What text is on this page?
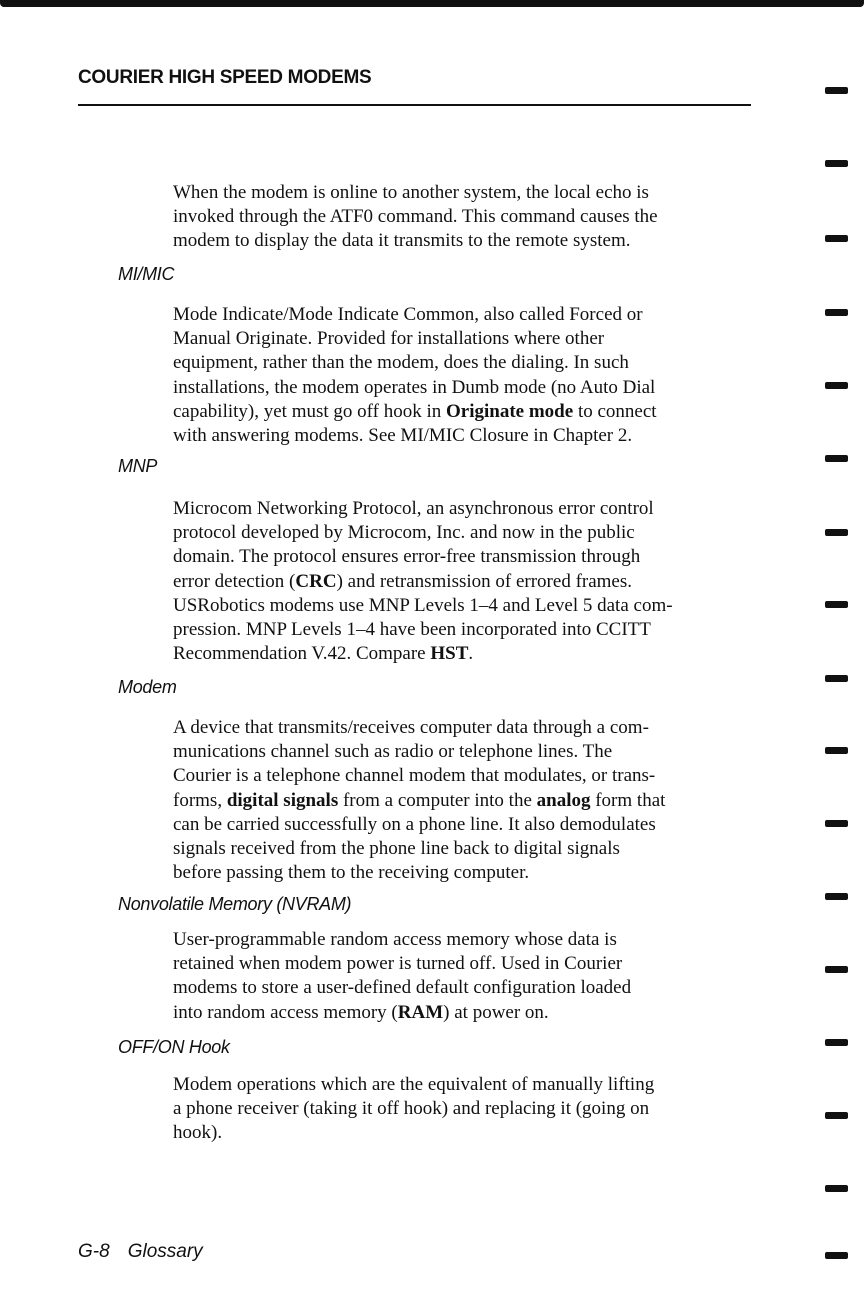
COURIER HIGH SPEED MODEMS
When the modem is online to another system, the local echo is
invoked through the ATF0 command. This command causes the
modem to display the data it transmits to the remote system.
MI/MIC
Mode Indicate/Mode Indicate Common, also called Forced or
Manual Originate. Provided for installations where other
equipment, rather than the modem, does the dialing. In such
installations, the modem operates in Dumb mode (no Auto Dial
capability), yet must go off hook in Originate mode to connect
with answering modems. See MI/MIC Closure in Chapter 2.
MNP
Microcom Networking Protocol, an asynchronous error control
protocol developed by Microcom, Inc. and now in the public
domain. The protocol ensures error-free transmission through
error detection (CRC) and retransmission of errored frames.
USRobotics modems use MNP Levels 1–4 and Level 5 data com-
pression. MNP Levels 1–4 have been incorporated into CCITT
Recommendation V.42. Compare HST.
Modem
A device that transmits/receives computer data through a com-
munications channel such as radio or telephone lines. The
Courier is a telephone channel modem that modulates, or trans-
forms, digital signals from a computer into the analog form that
can be carried successfully on a phone line. It also demodulates
signals received from the phone line back to digital signals
before passing them to the receiving computer.
Nonvolatile Memory (NVRAM)
User-programmable random access memory whose data is
retained when modem power is turned off. Used in Courier
modems to store a user-defined default configuration loaded
into random access memory (RAM) at power on.
OFF/ON Hook
Modem operations which are the equivalent of manually lifting
a phone receiver (taking it off hook) and replacing it (going on
hook).
G-8 Glossary
